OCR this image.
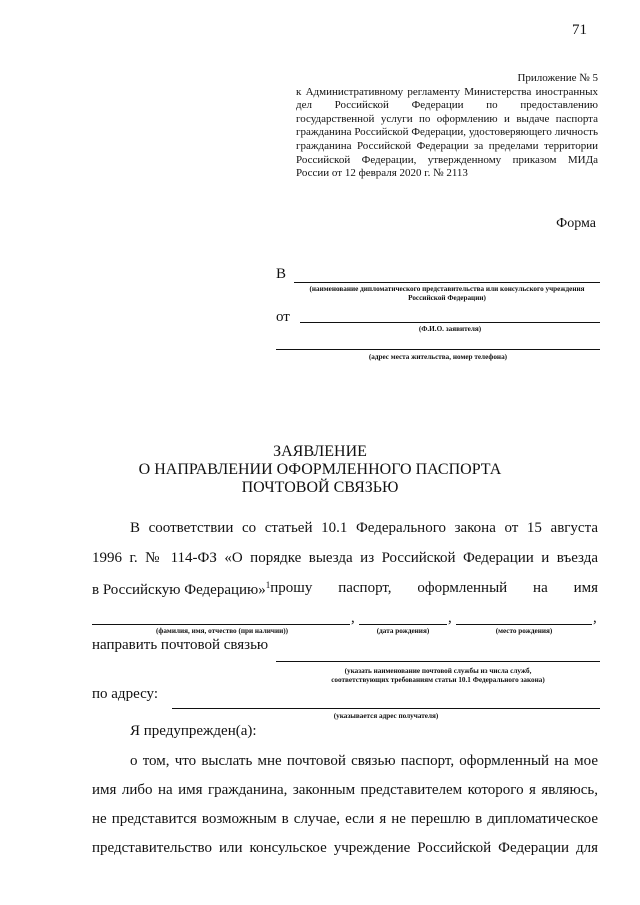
71
Приложение № 5
к Административному регламенту Министерства иностранных
дел Российской Федерации по предоставлению
государственной услуги по оформлению и выдаче паспорта
гражданина Российской Федерации, удостоверяющего личность
гражданина Российской Федерации за пределами территории
Российской Федерации, утвержденному приказом МИДа
России от 12 февраля 2020 г. № 2113
Форма
В
(наименование дипломатического представительства или консульского учреждения
Российской Федерации)
от
(Ф.И.О. заявителя)
(адрес места жительства, номер телефона)
ЗАЯВЛЕНИЕ
О НАПРАВЛЕНИИ ОФОРМЛЕННОГО ПАСПОРТА
ПОЧТОВОЙ СВЯЗЬЮ
В соответствии со статьей 10.1 Федерального закона от 15 августа
1996 г. № 114-ФЗ «О порядке выезда из Российской Федерации и въезда
в Российскую Федерацию»$^1$ прошу паспорт, оформленный на имя
,	,	,
(фамилия, имя, отчество (при наличии))	(дата рождения)	(место рождения)
направить почтовой связью
(указать наименование почтовой службы из числа служб,
соответствующих требованиям статьи 10.1 Федерального закона)
по адресу:
(указывается адрес получателя)
Я предупрежден(а):
о том, что выслать мне почтовой связью паспорт, оформленный на мое
имя либо на имя гражданина, законным представителем которого я являюсь,
не представится возможным в случае, если я не перешлю в дипломатическое
представительство или консульское учреждение Российской Федерации для
